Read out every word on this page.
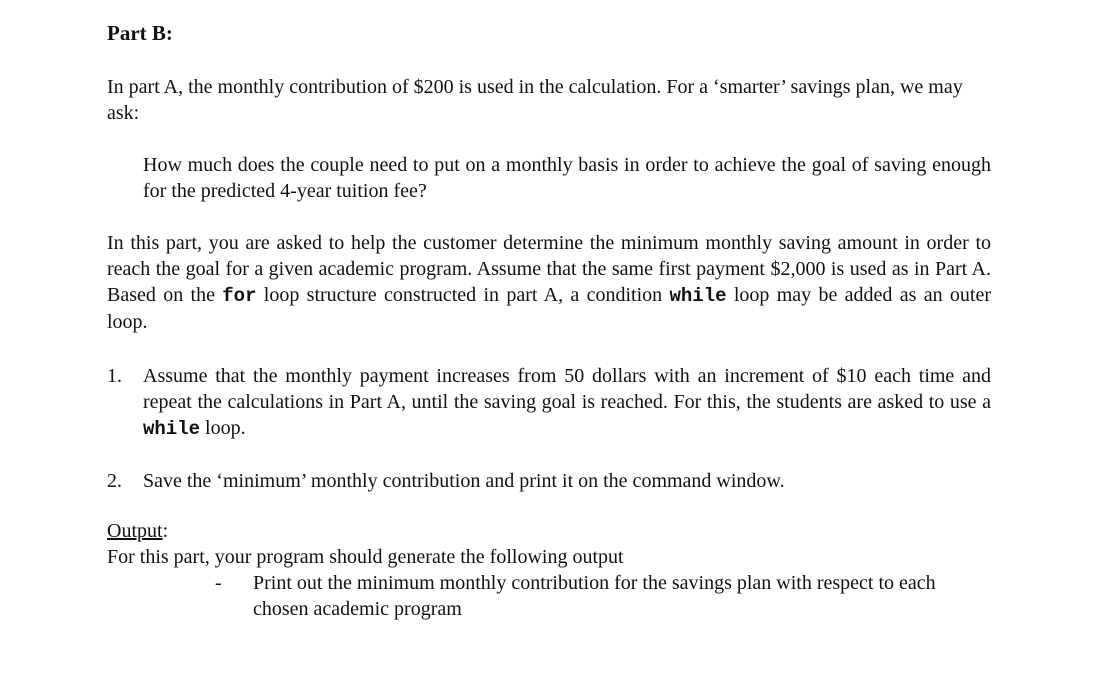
Part B:

In part A, the monthly contribution of $200 is used in the calculation. For a ‘smarter’ savings plan, we may ask:

How much does the couple need to put on a monthly basis in order to achieve the goal of saving enough for the predicted 4-year tuition fee?

In this part, you are asked to help the customer determine the minimum monthly saving amount in order to reach the goal for a given academic program. Assume that the same first payment $2,000 is used as in Part A. Based on the for loop structure constructed in part A, a condition while loop may be added as an outer loop.

1. Assume that the monthly payment increases from 50 dollars with an increment of $10 each time and repeat the calculations in Part A, until the saving goal is reached. For this, the students are asked to use a while loop.

2. Save the ‘minimum’ monthly contribution and print it on the command window.

Output:

For this part, your program should generate the following output

- Print out the minimum monthly contribution for the savings plan with respect to each chosen academic program
